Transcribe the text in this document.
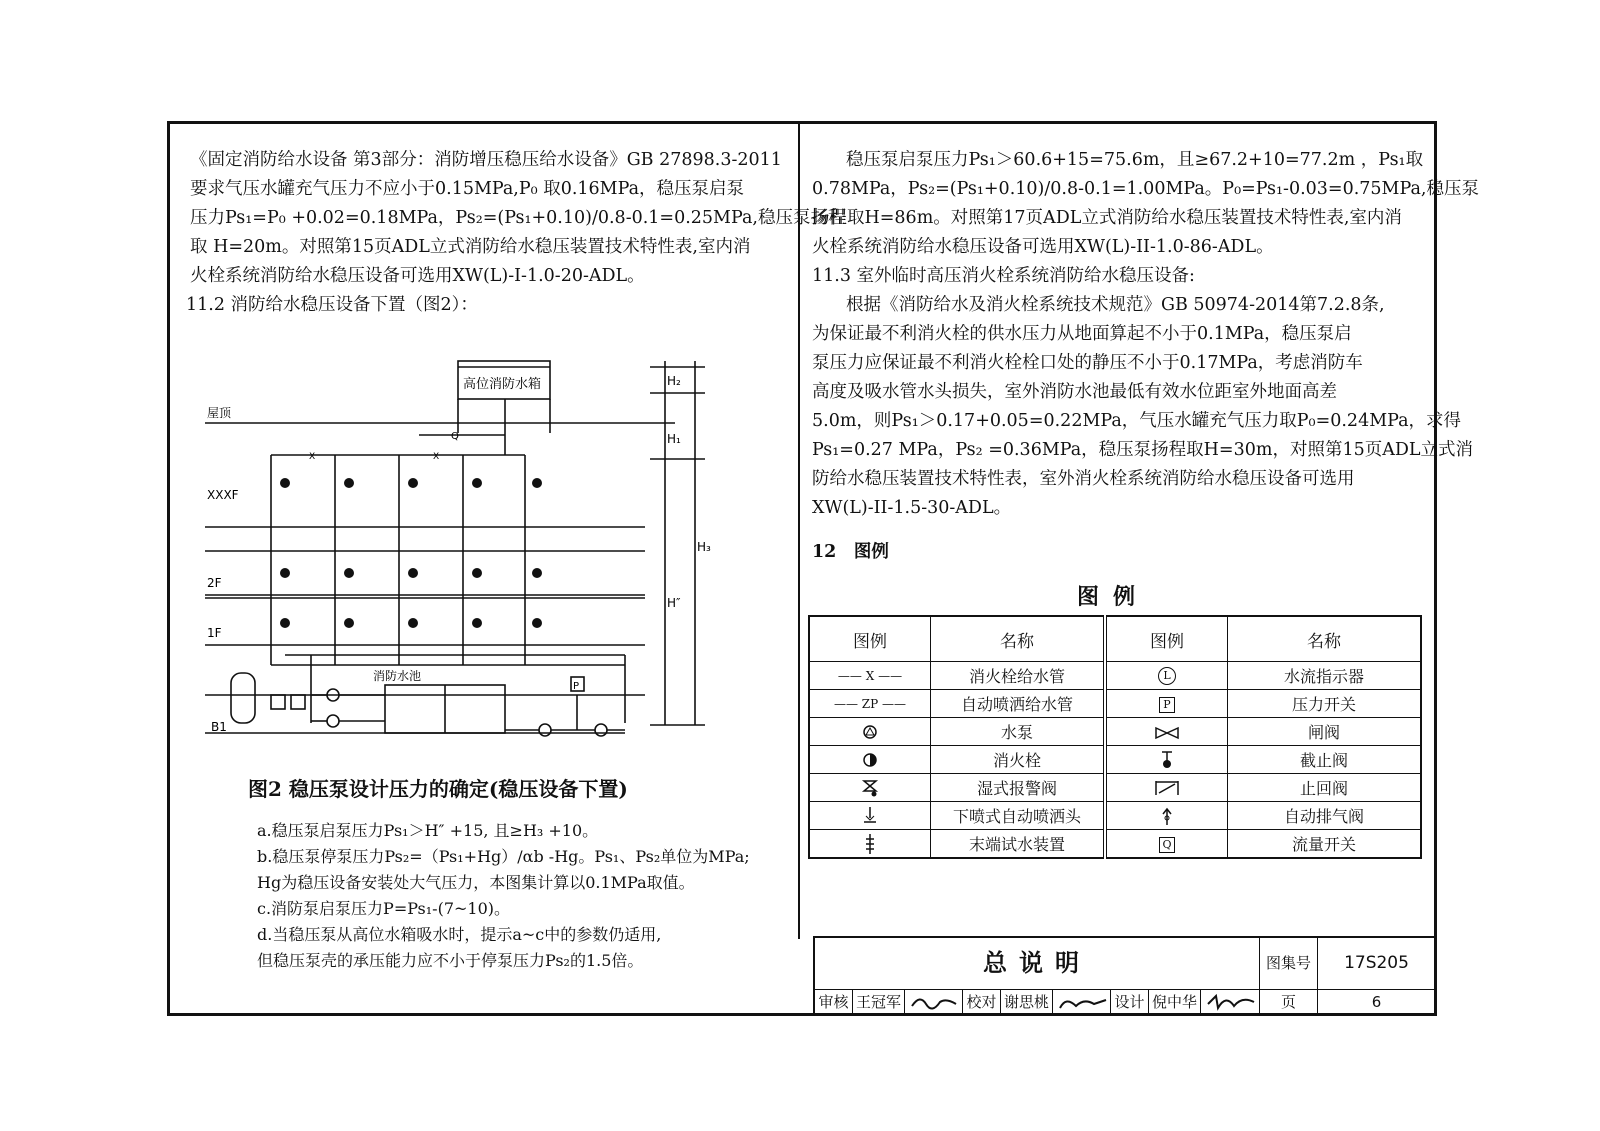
《固定消防给水设备 第3部分：消防增压稳压给水设备》GB 27898.3-2011
要求气压水罐充气压力不应小于0.15MPa,P₀ 取0.16MPa，稳压泵启泵
压力Ps₁=P₀ +0.02=0.18MPa，Ps₂=(Ps₁+0.10)/0.8-0.1=0.25MPa,稳压泵扬程
取 H=20m。对照第15页ADL立式消防给水稳压装置技术特性表,室内消
火栓系统消防给水稳压设备可选用XW(L)-I-1.0-20-ADL。
11.2 消防给水稳压设备下置（图2）：
高位消防水箱
消防水池
屋顶
XXXF
2F
1F
B1
H₂
H₁
H₃
H″
X	X
P
Q
图2 稳压泵设计压力的确定(稳压设备下置)
a.稳压泵启泵压力Ps₁＞H″ +15, 且≥H₃ +10。
b.稳压泵停泵压力Ps₂=（Ps₁+Hg）/αb -Hg。Ps₁、Ps₂单位为MPa;
Hg为稳压设备安装处大气压力，本图集计算以0.1MPa取值。
c.消防泵启泵压力P=Ps₁-(7~10)。
d.当稳压泵从高位水箱吸水时，提示a~c中的参数仍适用,
但稳压泵壳的承压能力应不小于停泵压力Ps₂的1.5倍。
稳压泵启泵压力Ps₁＞60.6+15=75.6m，且≥67.2+10=77.2m ，Ps₁取
0.78MPa，Ps₂=(Ps₁+0.10)/0.8-0.1=1.00MPa。P₀=Ps₁-0.03=0.75MPa,稳压泵
扬程取H=86m。对照第17页ADL立式消防给水稳压装置技术特性表,室内消
火栓系统消防给水稳压设备可选用XW(L)-II-1.0-86-ADL。
11.3 室外临时高压消火栓系统消防给水稳压设备:
根据《消防给水及消火栓系统技术规范》GB 50974-2014第7.2.8条,
为保证最不利消火栓的供水压力从地面算起不小于0.1MPa，稳压泵启
泵压力应保证最不利消火栓栓口处的静压不小于0.17MPa，考虑消防车
高度及吸水管水头损失，室外消防水池最低有效水位距室外地面高差
5.0m，则Ps₁＞0.17+0.05=0.22MPa，气压水罐充气压力取P₀=0.24MPa，求得
Ps₁=0.27 MPa，Ps₂ =0.36MPa，稳压泵扬程取H=30m，对照第15页ADL立式消
防给水稳压装置技术特性表，室外消火栓系统消防给水稳压设备可选用
XW(L)-II-1.5-30-ADL。
12　图例
图例
图例	名称	图例	名称
—— X ——	消火栓给水管	L	水流指示器
—— ZP ——	自动喷洒给水管	P	压力开关
	水泵		闸阀
	消火栓		截止阀
	湿式报警阀		止回阀
	下喷式自动喷洒头		自动排气阀
	末端试水装置	Q	流量开关
总说明	图集号	17S205
审核 王冠军	校对 谢思桃	设计 倪中华	页	6
